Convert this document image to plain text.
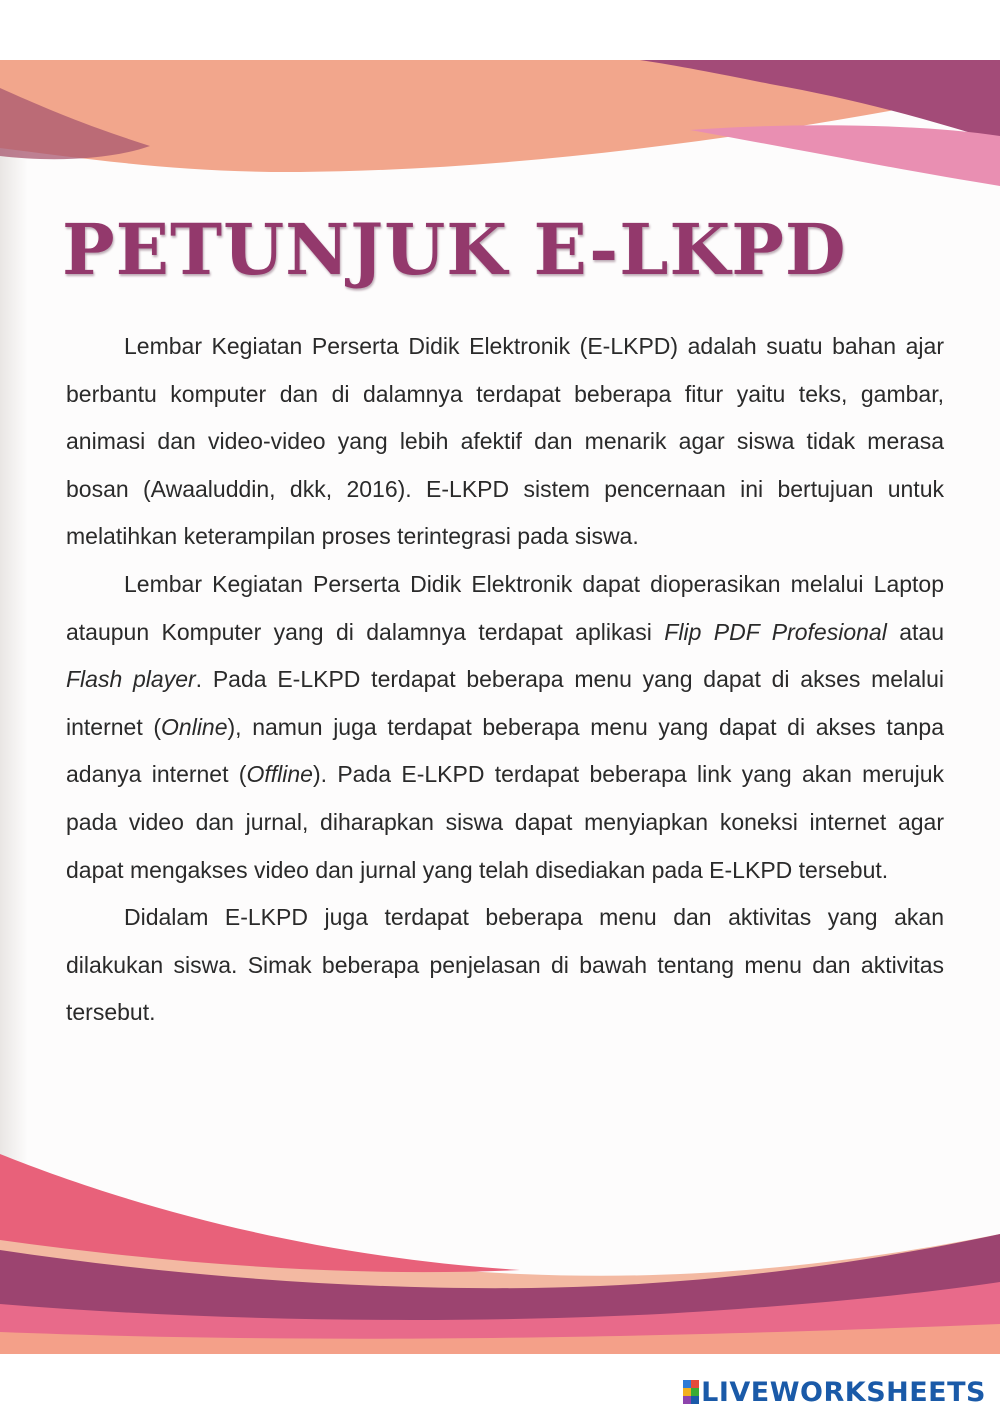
PETUNJUK E-LKPD

Lembar Kegiatan Perserta Didik Elektronik (E-LKPD) adalah suatu bahan ajar berbantu komputer dan di dalamnya terdapat beberapa fitur yaitu teks, gambar, animasi dan video-video yang lebih afektif dan menarik agar siswa tidak merasa bosan (Awaaluddin, dkk, 2016). E-LKPD sistem pencernaan ini bertujuan untuk melatihkan keterampilan proses terintegrasi pada siswa.

Lembar Kegiatan Perserta Didik Elektronik dapat dioperasikan melalui Laptop ataupun Komputer yang di dalamnya terdapat aplikasi Flip PDF Profesional atau Flash player. Pada E-LKPD terdapat beberapa menu yang dapat di akses melalui internet (Online), namun juga terdapat beberapa menu yang dapat di akses tanpa adanya internet (Offline). Pada E-LKPD terdapat beberapa link yang akan merujuk pada video dan jurnal, diharapkan siswa dapat menyiapkan koneksi internet agar dapat mengakses video dan jurnal yang telah disediakan pada E-LKPD tersebut.

Didalam E-LKPD juga terdapat beberapa menu dan aktivitas yang akan dilakukan siswa. Simak beberapa penjelasan di bawah tentang menu dan aktivitas tersebut.

LIVEWORKSHEETS
